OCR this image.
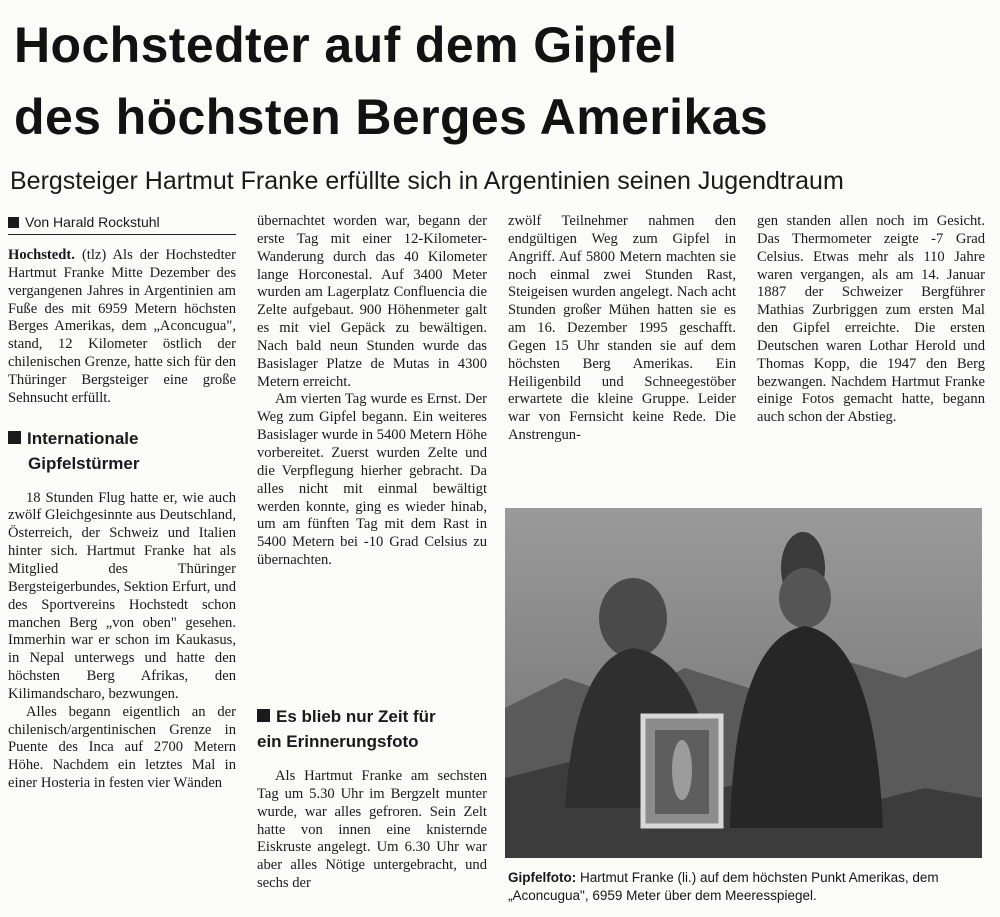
Hochstedter auf dem Gipfel
des höchsten Berges Amerikas
Bergsteiger Hartmut Franke erfüllte sich in Argentinien seinen Jugendtraum
Von Harald Rockstuhl

Hochstedt. (tlz) Als der Hochstedter Hartmut Franke Mitte Dezember des vergangenen Jahres in Argentinien am Fuße des mit 6959 Metern höchsten Berges Amerikas, dem „Aconcugua", stand, 12 Kilometer östlich der chilenischen Grenze, hatte sich für den Thüringer Bergsteiger eine große Sehnsucht erfüllt.

Internationale
Gipfelstürmer

18 Stunden Flug hatte er, wie auch zwölf Gleichgesinnte aus Deutschland, Österreich, der Schweiz und Italien hinter sich. Hartmut Franke hat als Mitglied des Thüringer Bergsteigerbundes, Sektion Erfurt, und des Sportvereins Hochstedt schon manchen Berg „von oben" gesehen. Immerhin war er schon im Kaukasus, in Nepal unterwegs und hatte den höchsten Berg Afrikas, den Kilimandscharo, bezwungen.

Alles begann eigentlich an der chilenisch/argentinischen Grenze in Puente des Inca auf 2700 Metern Höhe. Nachdem ein letztes Mal in einer Hosteria in festen vier Wänden

übernachtet worden war, begann der erste Tag mit einer 12-Kilometer-Wanderung durch das 40 Kilometer lange Horconestal. Auf 3400 Meter wurden am Lagerplatz Confluencia die Zelte aufgebaut. 900 Höhenmeter galt es mit viel Gepäck zu bewältigen. Nach bald neun Stunden wurde das Basislager Platze de Mutas in 4300 Metern erreicht.

Am vierten Tag wurde es Ernst. Der Weg zum Gipfel begann. Ein weiteres Basislager wurde in 5400 Metern Höhe vorbereitet. Zuerst wurden Zelte und die Verpflegung hierher gebracht. Da alles nicht mit einmal bewältigt werden konnte, ging es wieder hinab, um am fünften Tag mit dem Rast in 5400 Metern bei -10 Grad Celsius zu übernachten.

zwölf Teilnehmer nahmen den endgültigen Weg zum Gipfel in Angriff. Auf 5800 Metern machten sie noch einmal zwei Stunden Rast, Steigeisen wurden angelegt. Nach acht Stunden großer Mühen hatten sie es am 16. Dezember 1995 geschafft. Gegen 15 Uhr standen sie auf dem höchsten Berg Amerikas. Ein Heiligenbild und Schneegestöber erwartete die kleine Gruppe. Leider war von Fernsicht keine Rede. Die Anstrengun-

Es blieb nur Zeit für
ein Erinnerungsfoto

Als Hartmut Franke am sechsten Tag um 5.30 Uhr im Bergzelt munter wurde, war alles gefroren. Sein Zelt hatte von innen eine knisternde Eiskruste angelegt. Um 6.30 Uhr war aber alles Nötige untergebracht, und sechs der

gen standen allen noch im Gesicht. Das Thermometer zeigte -7 Grad Celsius. Etwas mehr als 110 Jahre waren vergangen, als am 14. Januar 1887 der Schweizer Bergführer Mathias Zurbriggen zum ersten Mal den Gipfel erreichte. Die ersten Deutschen waren Lothar Herold und Thomas Kopp, die 1947 den Berg bezwangen. Nachdem Hartmut Franke einige Fotos gemacht hatte, begann auch schon der Abstieg.

Gipfelfoto: Hartmut Franke (li.) auf dem höchsten Punkt Amerikas, dem „Aconcugua", 6959 Meter über dem Meeresspiegel.
